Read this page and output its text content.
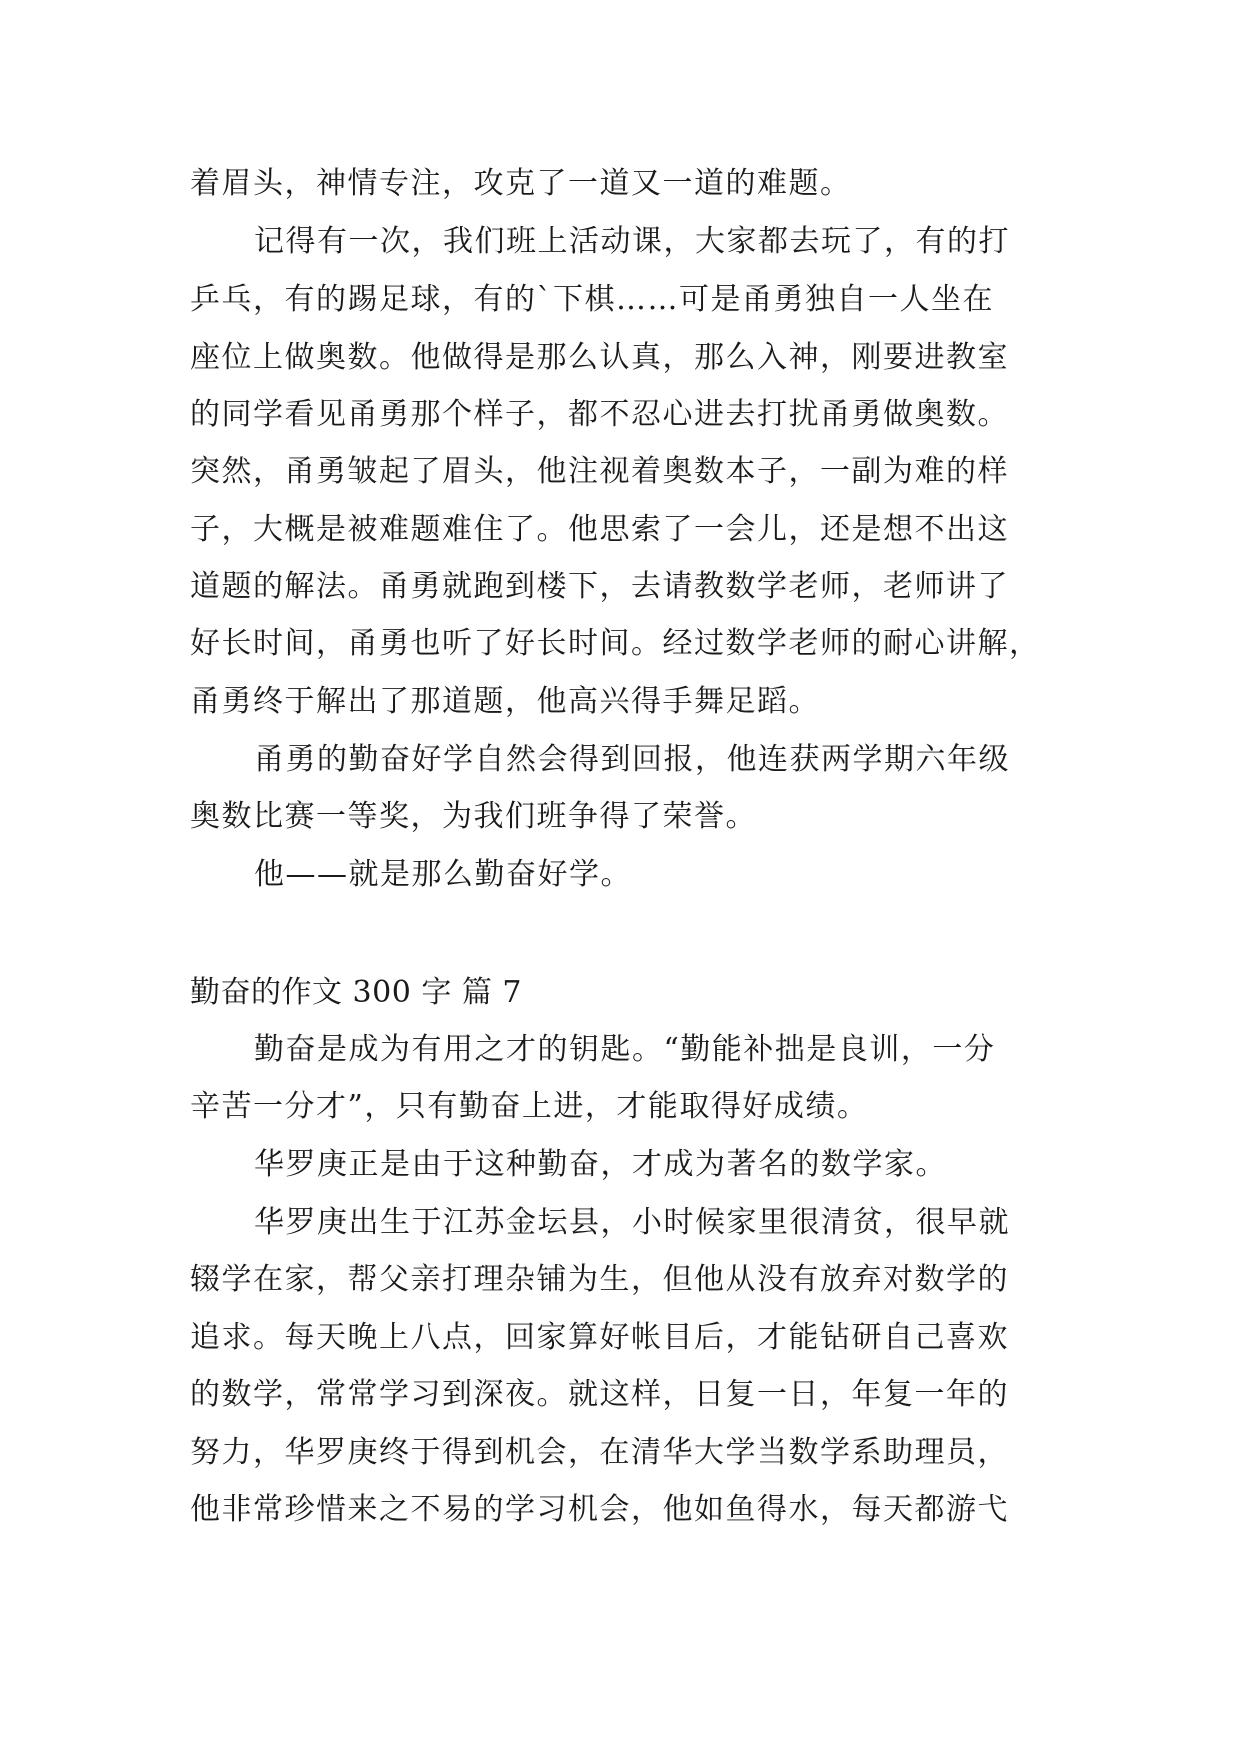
着眉头，神情专注，攻克了一道又一道的难题。
记得有一次，我们班上活动课，大家都去玩了，有的打
乒乓，有的踢足球，有的`下棋……可是甬勇独自一人坐在
座位上做奥数。他做得是那么认真，那么入神，刚要进教室
的同学看见甬勇那个样子，都不忍心进去打扰甬勇做奥数。
突然，甬勇皱起了眉头，他注视着奥数本子，一副为难的样
子，大概是被难题难住了。他思索了一会儿，还是想不出这
道题的解法。甬勇就跑到楼下，去请教数学老师，老师讲了
好长时间，甬勇也听了好长时间。经过数学老师的耐心讲解，
甬勇终于解出了那道题，他高兴得手舞足蹈。
甬勇的勤奋好学自然会得到回报，他连获两学期六年级
奥数比赛一等奖，为我们班争得了荣誉。
他——就是那么勤奋好学。
勤奋的作文 300 字 篇 7
勤奋是成为有用之才的钥匙。“勤能补拙是良训，一分
辛苦一分才”，只有勤奋上进，才能取得好成绩。
华罗庚正是由于这种勤奋，才成为著名的数学家。
华罗庚出生于江苏金坛县，小时候家里很清贫，很早就
辍学在家，帮父亲打理杂铺为生，但他从没有放弃对数学的
追求。每天晚上八点，回家算好帐目后，才能钻研自己喜欢
的数学，常常学习到深夜。就这样，日复一日，年复一年的
努力，华罗庚终于得到机会，在清华大学当数学系助理员，
他非常珍惜来之不易的学习机会，他如鱼得水，每天都游弋
